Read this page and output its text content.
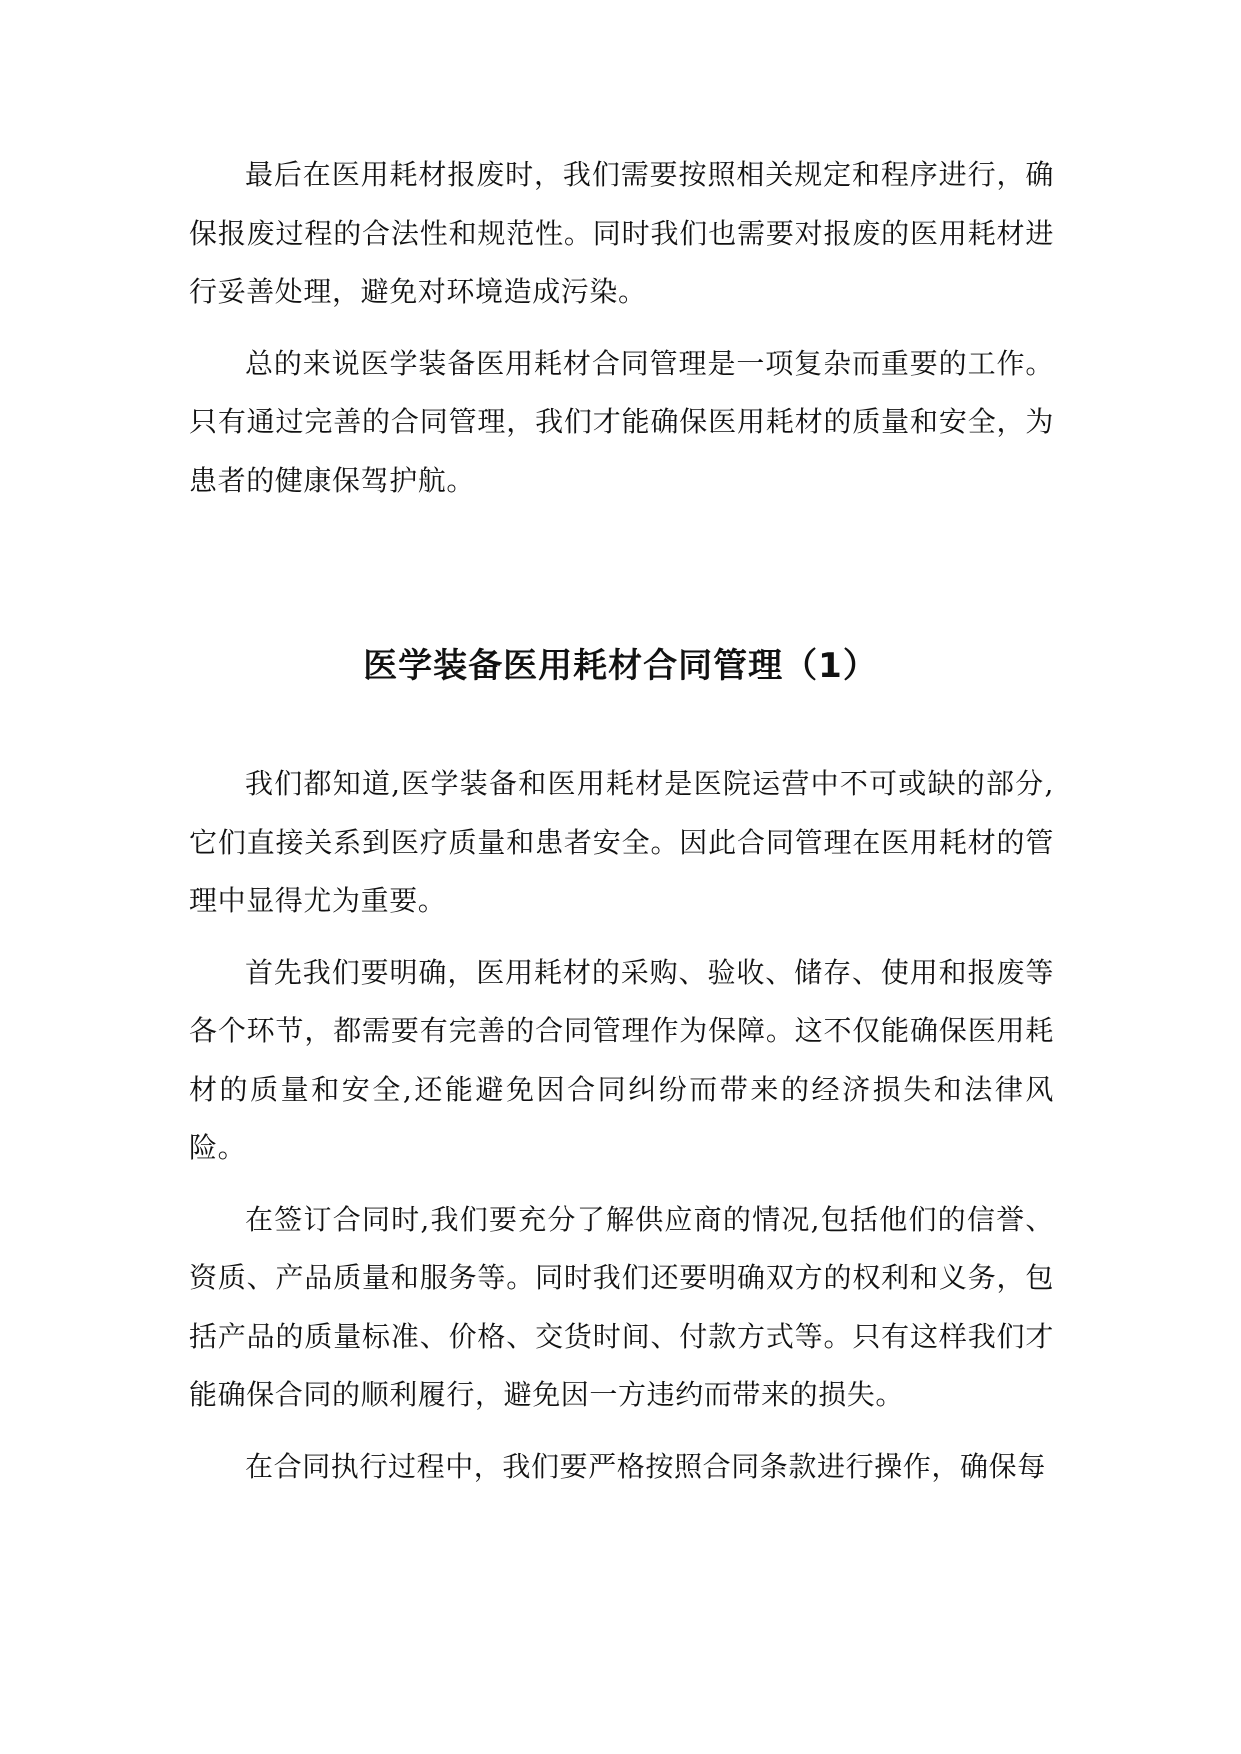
最后在医用耗材报废时，我们需要按照相关规定和程序进行，确保报废过程的合法性和规范性。同时我们也需要对报废的医用耗材进行妥善处理，避免对环境造成污染。

总的来说医学装备医用耗材合同管理是一项复杂而重要的工作。只有通过完善的合同管理，我们才能确保医用耗材的质量和安全，为患者的健康保驾护航。

医学装备医用耗材合同管理（1）

我们都知道,医学装备和医用耗材是医院运营中不可或缺的部分,它们直接关系到医疗质量和患者安全。因此合同管理在医用耗材的管理中显得尤为重要。

首先我们要明确，医用耗材的采购、验收、储存、使用和报废等各个环节，都需要有完善的合同管理作为保障。这不仅能确保医用耗材的质量和安全,还能避免因合同纠纷而带来的经济损失和法律风险。

在签订合同时,我们要充分了解供应商的情况,包括他们的信誉、资质、产品质量和服务等。同时我们还要明确双方的权利和义务，包括产品的质量标准、价格、交货时间、付款方式等。只有这样我们才能确保合同的顺利履行，避免因一方违约而带来的损失。

在合同执行过程中，我们要严格按照合同条款进行操作，确保每
